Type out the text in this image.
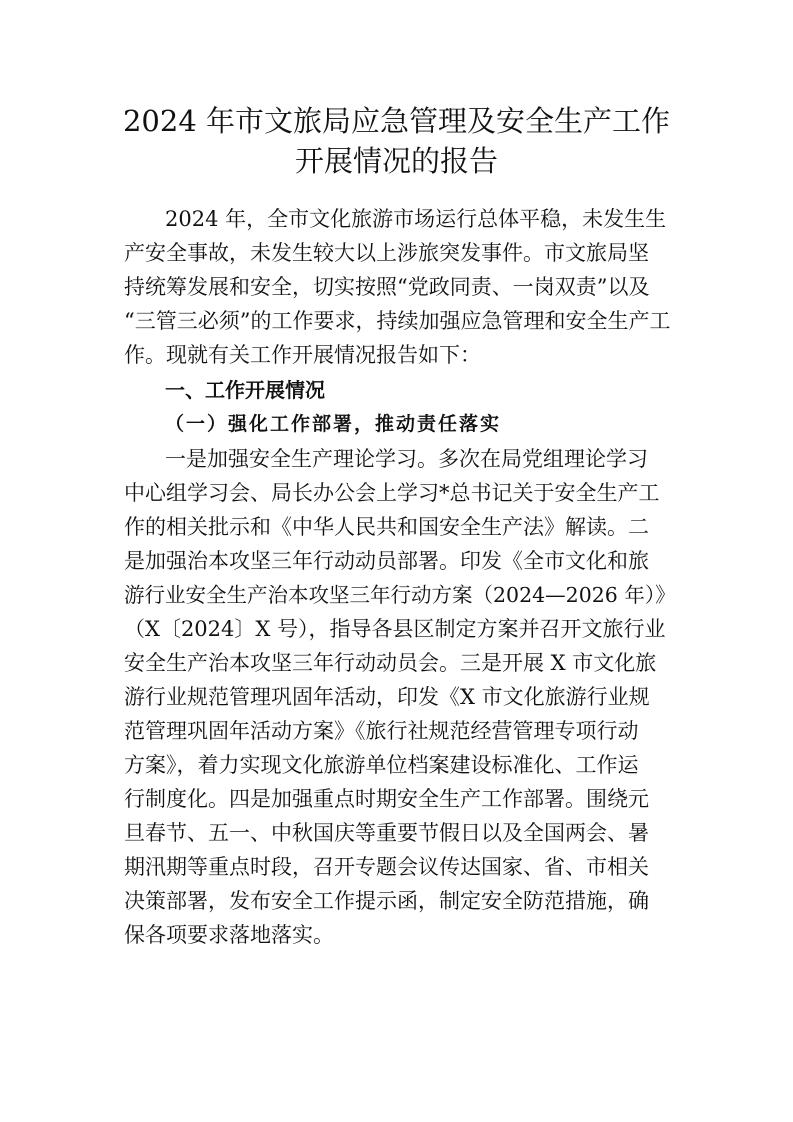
2024 年市文旅局应急管理及安全生产工作
开展情况的报告

2024 年，全市文化旅游市场运行总体平稳，未发生生

产安全事故，未发生较大以上涉旅突发事件。市文旅局坚

持统筹发展和安全，切实按照“党政同责、一岗双责”以及

“三管三必须”的工作要求，持续加强应急管理和安全生产工

作。现就有关工作开展情况报告如下：

一、工作开展情况

（一）强化工作部署，推动责任落实

一是加强安全生产理论学习。多次在局党组理论学习

中心组学习会、局长办公会上学习*总书记关于安全生产工

作的相关批示和《中华人民共和国安全生产法》解读。二

是加强治本攻坚三年行动动员部署。印发《全市文化和旅

游行业安全生产治本攻坚三年行动方案（2024—2026 年）》

（X〔2024〕X 号），指导各县区制定方案并召开文旅行业

安全生产治本攻坚三年行动动员会。三是开展 X 市文化旅

游行业规范管理巩固年活动，印发《X 市文化旅游行业规

范管理巩固年活动方案》《旅行社规范经营管理专项行动

方案》，着力实现文化旅游单位档案建设标准化、工作运

行制度化。四是加强重点时期安全生产工作部署。围绕元

旦春节、五一、中秋国庆等重要节假日以及全国两会、暑

期汛期等重点时段，召开专题会议传达国家、省、市相关

决策部署，发布安全工作提示函，制定安全防范措施，确

保各项要求落地落实。
